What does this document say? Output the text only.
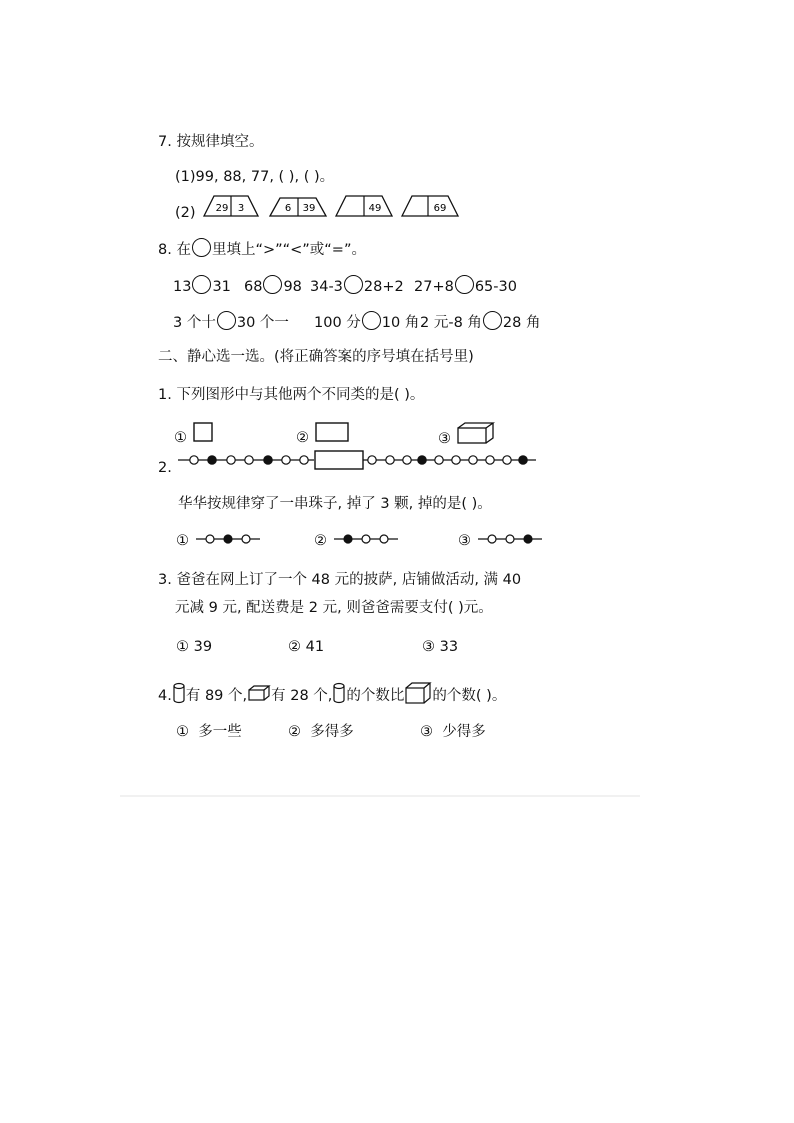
7. 按规律填空。
(1)99, 88, 77, ( ), ( )。
(2) 29 3	6 39	49	69
8. 在 里填上“>”“<”或“=”。
13 31 68 98 34-3 28+2 27+8 65-30
3 个十 30 个一 100 分 10 角 2 元-8 角 28 角
二、静心选一选。(将正确答案的序号填在括号里)
1. 下列图形中与其他两个不同类的是( )。
①	②	③
2.
华华按规律穿了一串珠子, 掉了 3 颗, 掉的是( )。
①	②	③
3. 爸爸在网上订了一个 48 元的披萨, 店铺做活动, 满 40
元减 9 元, 配送费是 2 元, 则爸爸需要支付( )元。
① 39	② 41	③ 33
4. 有 89 个, 有 28 个, 的个数比 的个数( )。
① 多一些	② 多得多	③ 少得多
